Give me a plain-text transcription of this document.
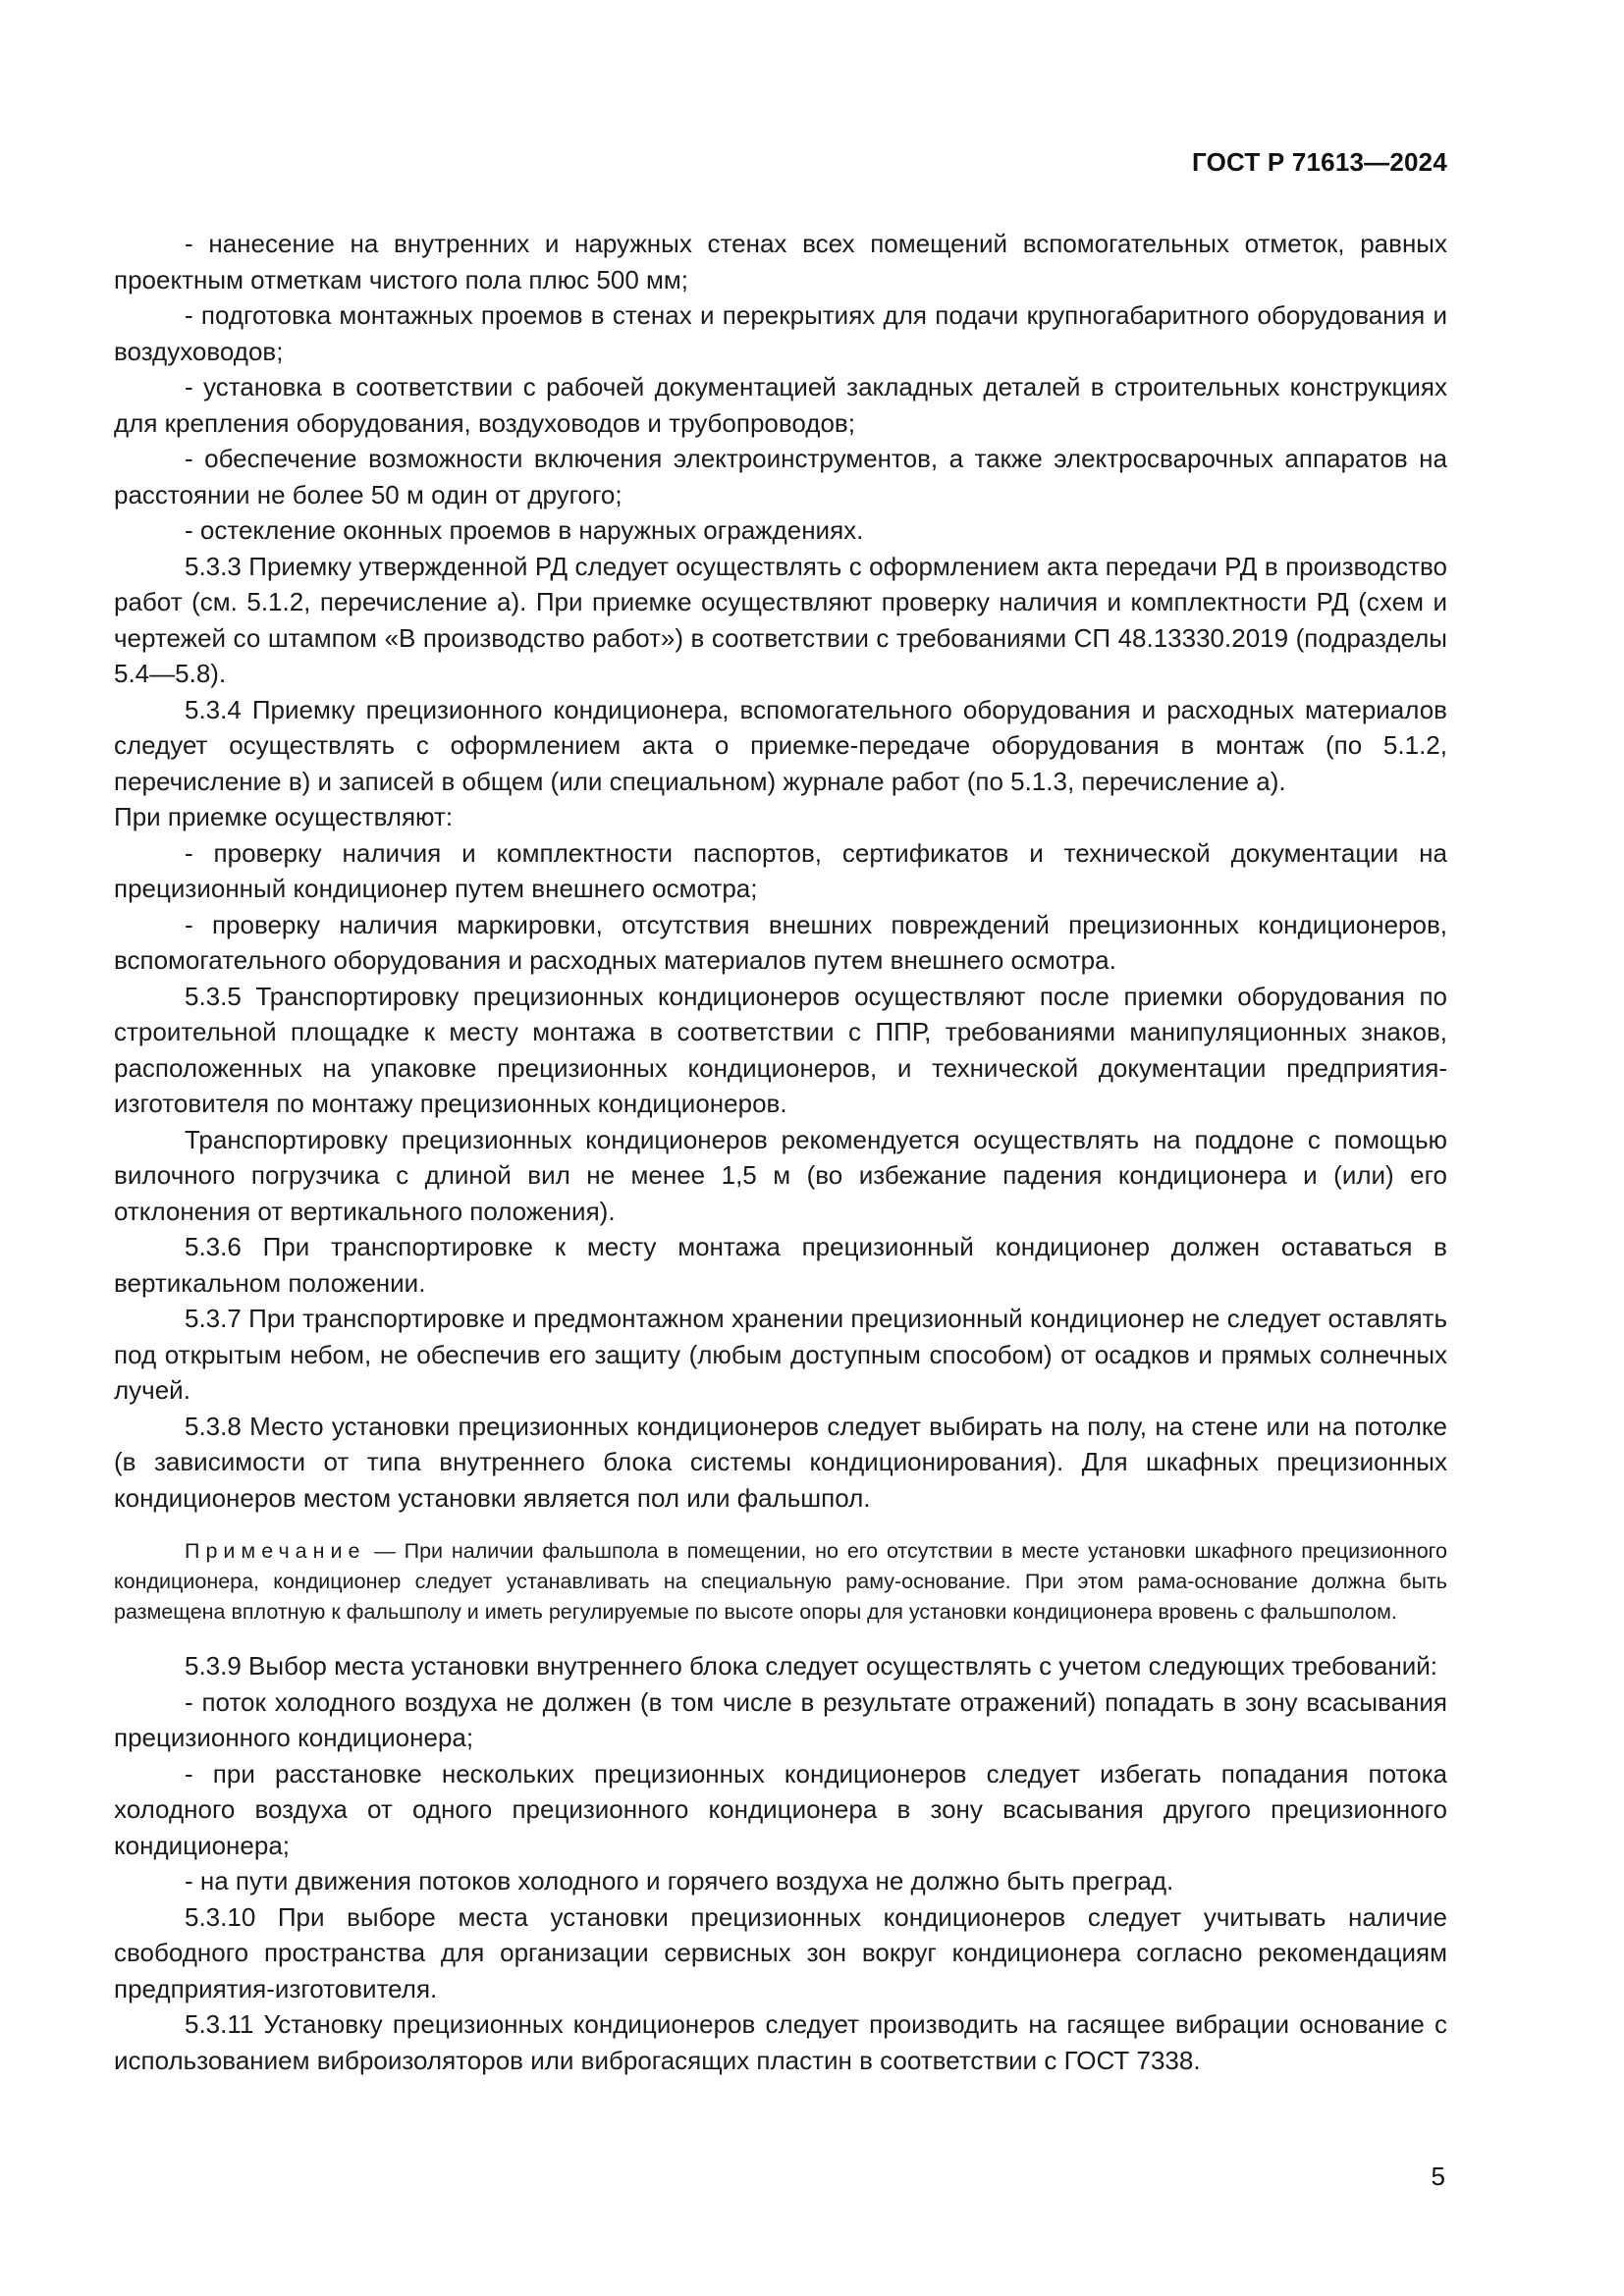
ГОСТ Р 71613—2024

- нанесение на внутренних и наружных стенах всех помещений вспомогательных отметок, равных проектным отметкам чистого пола плюс 500 мм;

- подготовка монтажных проемов в стенах и перекрытиях для подачи крупногабаритного оборудования и воздуховодов;

- установка в соответствии с рабочей документацией закладных деталей в строительных конструкциях для крепления оборудования, воздуховодов и трубопроводов;

- обеспечение возможности включения электроинструментов, а также электросварочных аппаратов на расстоянии не более 50 м один от другого;

- остекление оконных проемов в наружных ограждениях.

5.3.3 Приемку утвержденной РД следует осуществлять с оформлением акта передачи РД в производство работ (см. 5.1.2, перечисление а). При приемке осуществляют проверку наличия и комплектности РД (схем и чертежей со штампом «В производство работ») в соответствии с требованиями СП 48.13330.2019 (подразделы 5.4—5.8).

5.3.4 Приемку прецизионного кондиционера, вспомогательного оборудования и расходных материалов следует осуществлять с оформлением акта о приемке-передаче оборудования в монтаж (по 5.1.2, перечисление в) и записей в общем (или специальном) журнале работ (по 5.1.3, перечисление а).

При приемке осуществляют:

- проверку наличия и комплектности паспортов, сертификатов и технической документации на прецизионный кондиционер путем внешнего осмотра;

- проверку наличия маркировки, отсутствия внешних повреждений прецизионных кондиционеров, вспомогательного оборудования и расходных материалов путем внешнего осмотра.

5.3.5 Транспортировку прецизионных кондиционеров осуществляют после приемки оборудования по строительной площадке к месту монтажа в соответствии с ППР, требованиями манипуляционных знаков, расположенных на упаковке прецизионных кондиционеров, и технической документации предприятия-изготовителя по монтажу прецизионных кондиционеров.

Транспортировку прецизионных кондиционеров рекомендуется осуществлять на поддоне с помощью вилочного погрузчика с длиной вил не менее 1,5 м (во избежание падения кондиционера и (или) его отклонения от вертикального положения).

5.3.6 При транспортировке к месту монтажа прецизионный кондиционер должен оставаться в вертикальном положении.

5.3.7 При транспортировке и предмонтажном хранении прецизионный кондиционер не следует оставлять под открытым небом, не обеспечив его защиту (любым доступным способом) от осадков и прямых солнечных лучей.

5.3.8 Место установки прецизионных кондиционеров следует выбирать на полу, на стене или на потолке (в зависимости от типа внутреннего блока системы кондиционирования). Для шкафных прецизионных кондиционеров местом установки является пол или фальшпол.

Примечание — При наличии фальшпола в помещении, но его отсутствии в месте установки шкафного прецизионного кондиционера, кондиционер следует устанавливать на специальную раму-основание. При этом рама-основание должна быть размещена вплотную к фальшполу и иметь регулируемые по высоте опоры для установки кондиционера вровень с фальшполом.

5.3.9 Выбор места установки внутреннего блока следует осуществлять с учетом следующих требований:

- поток холодного воздуха не должен (в том числе в результате отражений) попадать в зону всасывания прецизионного кондиционера;

- при расстановке нескольких прецизионных кондиционеров следует избегать попадания потока холодного воздуха от одного прецизионного кондиционера в зону всасывания другого прецизионного кондиционера;

- на пути движения потоков холодного и горячего воздуха не должно быть преград.

5.3.10 При выборе места установки прецизионных кондиционеров следует учитывать наличие свободного пространства для организации сервисных зон вокруг кондиционера согласно рекомендациям предприятия-изготовителя.

5.3.11 Установку прецизионных кондиционеров следует производить на гасящее вибрации основание с использованием виброизоляторов или виброгасящих пластин в соответствии с ГОСТ 7338.

5
